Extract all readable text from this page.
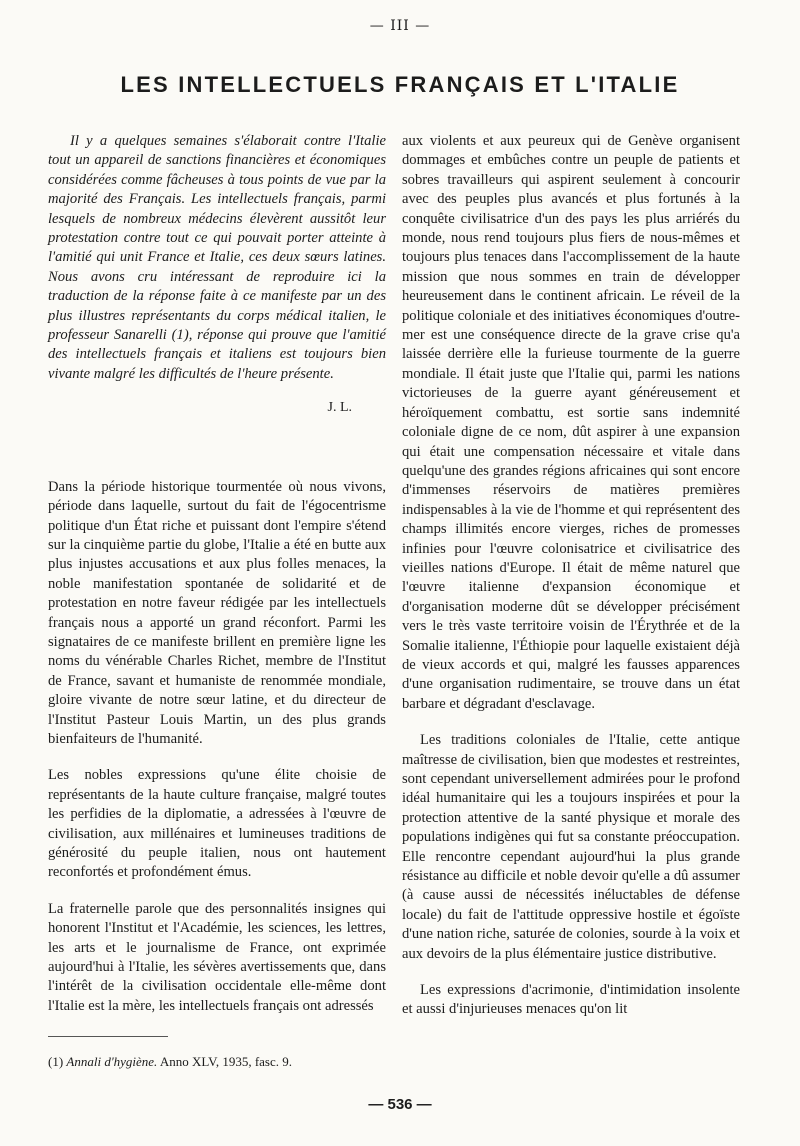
— III —
LES INTELLECTUELS FRANÇAIS ET L'ITALIE

Il y a quelques semaines s'élaborait contre l'Italie tout un appareil de sanctions financières et économiques considérées comme fâcheuses à tous points de vue par la majorité des Français. Les intellectuels français, parmi lesquels de nombreux médecins élevèrent aussitôt leur protestation contre tout ce qui pouvait porter atteinte à l'amitié qui unit France et Italie, ces deux sœurs latines. Nous avons cru intéressant de reproduire ici la traduction de la réponse faite à ce manifeste par un des plus illustres représentants du corps médical italien, le professeur Sanarelli (1), réponse qui prouve que l'amitié des intellectuels français et italiens est toujours bien vivante malgré les difficultés de l'heure présente.

J. L.

Dans la période historique tourmentée où nous vivons, période dans laquelle, surtout du fait de l'égocentrisme politique d'un État riche et puissant dont l'empire s'étend sur la cinquième partie du globe, l'Italie a été en butte aux plus injustes accusations et aux plus folles menaces, la noble manifestation spontanée de solidarité et de protestation en notre faveur rédigée par les intellectuels français nous a apporté un grand réconfort. Parmi les signataires de ce manifeste brillent en première ligne les noms du vénérable Charles Richet, membre de l'Institut de France, savant et humaniste de renommée mondiale, gloire vivante de notre sœur latine, et du directeur de l'Institut Pasteur Louis Martin, un des plus grands bienfaiteurs de l'humanité.

Les nobles expressions qu'une élite choisie de représentants de la haute culture française, malgré toutes les perfidies de la diplomatie, a adressées à l'œuvre de civilisation, aux millénaires et lumineuses traditions de générosité du peuple italien, nous ont hautement reconfortés et profondément émus.

La fraternelle parole que des personnalités insignes qui honorent l'Institut et l'Académie, les sciences, les lettres, les arts et le journalisme de France, ont exprimée aujourd'hui à l'Italie, les sévères avertissements que, dans l'intérêt de la civilisation occidentale elle-même dont l'Italie est la mère, les intellectuels français ont adressés

aux violents et aux peureux qui de Genève organisent dommages et embûches contre un peuple de patients et sobres travailleurs qui aspirent seulement à concourir avec des peuples plus avancés et plus fortunés à la conquête civilisatrice d'un des pays les plus arriérés du monde, nous rend toujours plus fiers de nous-mêmes et toujours plus tenaces dans l'accomplissement de la haute mission que nous sommes en train de développer heureusement dans le continent africain. Le réveil de la politique coloniale et des initiatives économiques d'outre-mer est une conséquence directe de la grave crise qu'a laissée derrière elle la furieuse tourmente de la guerre mondiale. Il était juste que l'Italie qui, parmi les nations victorieuses de la guerre ayant généreusement et héroïquement combattu, est sortie sans indemnité coloniale digne de ce nom, dût aspirer à une expansion qui était une compensation nécessaire et vitale dans quelqu'une des grandes régions africaines qui sont encore d'immenses réservoirs de matières premières indispensables à la vie de l'homme et qui représentent des champs illimités encore vierges, riches de promesses infinies pour l'œuvre colonisatrice et civilisatrice des vieilles nations d'Europe. Il était de même naturel que l'œuvre italienne d'expansion économique et d'organisation moderne dût se développer précisément vers le très vaste territoire voisin de l'Érythrée et de la Somalie italienne, l'Éthiopie pour laquelle existaient déjà de vieux accords et qui, malgré les fausses apparences d'une organisation rudimentaire, se trouve dans un état barbare et dégradant d'esclavage.

Les traditions coloniales de l'Italie, cette antique maîtresse de civilisation, bien que modestes et restreintes, sont cependant universellement admirées pour le profond idéal humanitaire qui les a toujours inspirées et pour la protection attentive de la santé physique et morale des populations indigènes qui fut sa constante préoccupation. Elle rencontre cependant aujourd'hui la plus grande résistance au difficile et noble devoir qu'elle a dû assumer (à cause aussi de nécessités inéluctables de défense locale) du fait de l'attitude oppressive hostile et égoïste d'une nation riche, saturée de colonies, sourde à la voix et aux devoirs de la plus élémentaire justice distributive.

Les expressions d'acrimonie, d'intimidation insolente et aussi d'injurieuses menaces qu'on lit

(1) Annali d'hygiène. Anno XLV, 1935, fasc. 9.
— 536 —
